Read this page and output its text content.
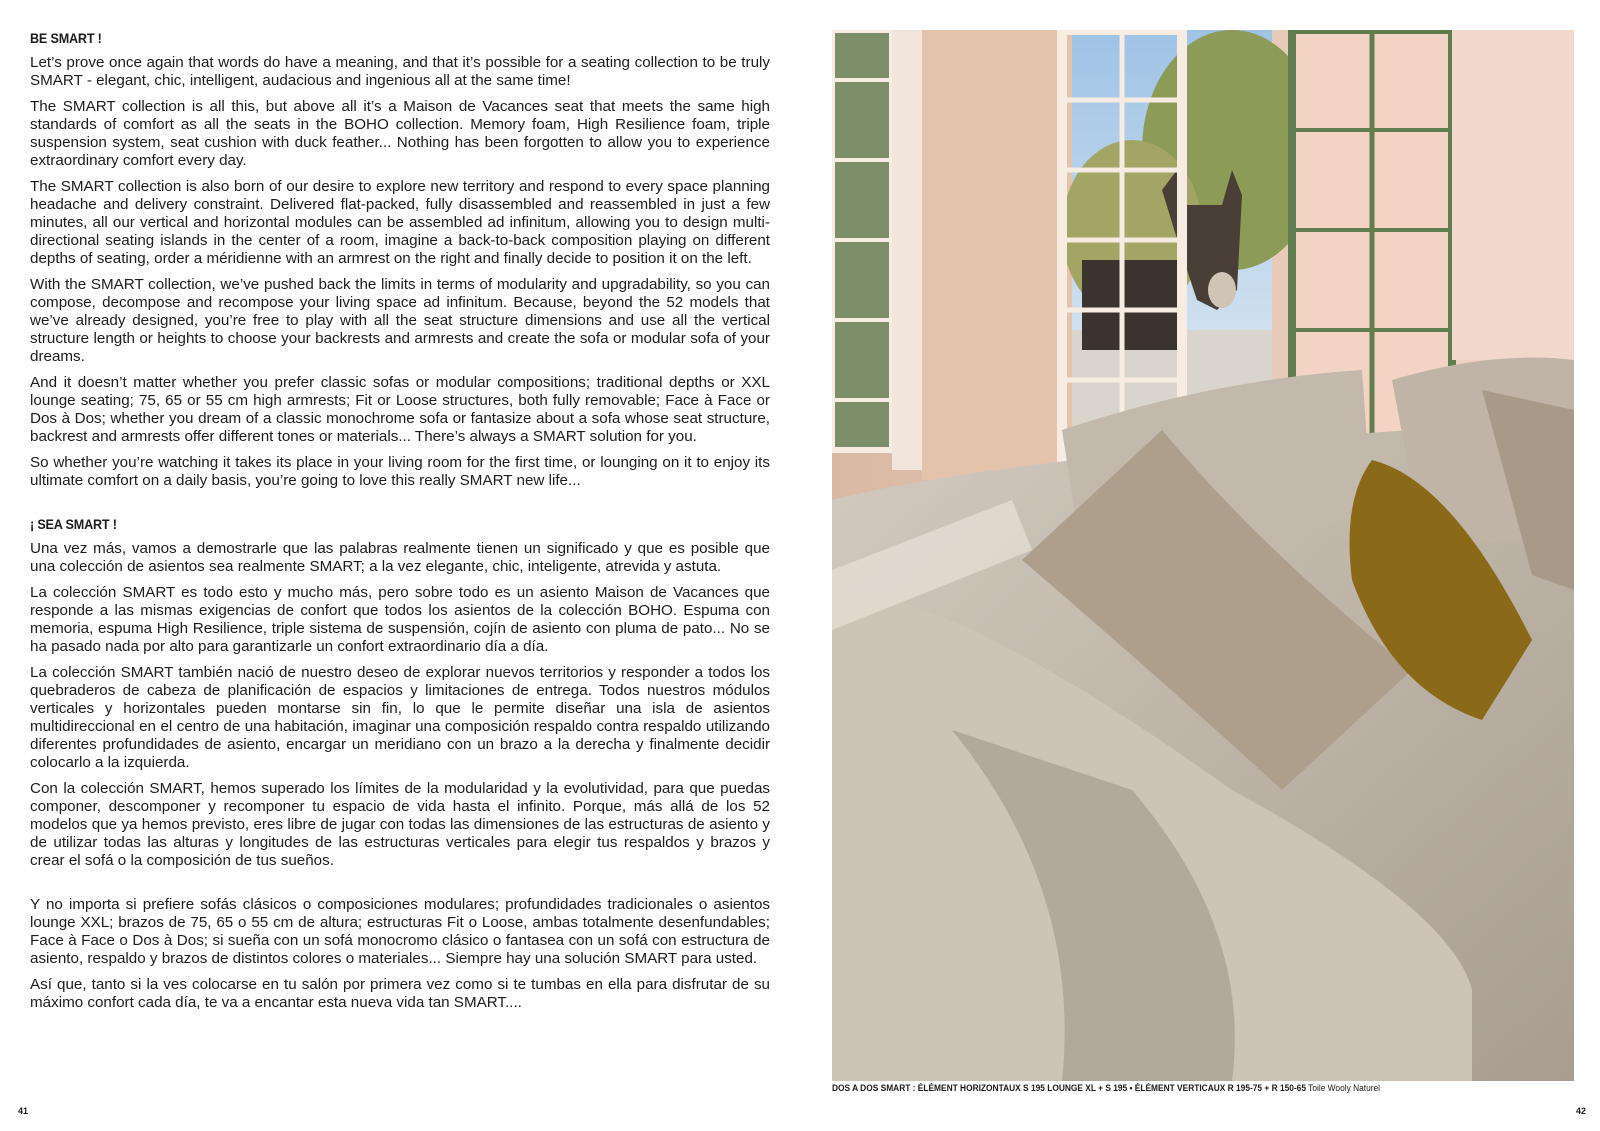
BE SMART !

Let’s prove once again that words do have a meaning, and that it’s possible for a seating collection to be truly SMART - elegant, chic, intelligent, audacious and ingenious all at the same time!

The SMART collection is all this, but above all it’s a Maison de Vacances seat that meets the same high standards of comfort as all the seats in the BOHO collection. Memory foam, High Resilience foam, triple suspension system, seat cushion with duck feather... Nothing has been forgotten to allow you to experience extraordinary comfort every day.

The SMART collection is also born of our desire to explore new territory and respond to every space planning headache and delivery constraint. Delivered flat-packed, fully disassembled and reassembled in just a few minutes, all our vertical and horizontal modules can be assembled ad infinitum, allowing you to design multi-directional seating islands in the center of a room, imagine a back-to-back composition playing on different depths of seating, order a méridienne with an armrest on the right and finally decide to position it on the left.

With the SMART collection, we’ve pushed back the limits in terms of modularity and upgradability, so you can compose, decompose and recompose your living space ad infinitum. Because, beyond the 52 models that we’ve already designed, you’re free to play with all the seat structure dimensions and use all the vertical structure length or heights to choose your backrests and armrests and create the sofa or modular sofa of your dreams.

And it doesn’t matter whether you prefer classic sofas or modular compositions; traditional depths or XXL lounge seating; 75, 65 or 55 cm high armrests; Fit or Loose structures, both fully removable; Face à Face or Dos à Dos; whether you dream of a classic monochrome sofa or fantasize about a sofa whose seat structure, backrest and armrests offer different tones or materials... There’s always a SMART solution for you.

So whether you’re watching it takes its place in your living room for the first time, or lounging on it to enjoy its ultimate comfort on a daily basis, you’re going to love this really SMART new life...

¡ SEA SMART !

Una vez más, vamos a demostrarle que las palabras realmente tienen un significado y que es posible que una colección de asientos sea realmente SMART; a la vez elegante, chic, inteligente, atrevida y astuta.

La colección SMART es todo esto y mucho más, pero sobre todo es un asiento Maison de Vacances que responde a las mismas exigencias de confort que todos los asientos de la colección BOHO. Espuma con memoria, espuma High Resilience, triple sistema de suspensión, cojín de asiento con pluma de pato... No se ha pasado nada por alto para garantizarle un confort extraordinario día a día.

La colección SMART también nació de nuestro deseo de explorar nuevos territorios y responder a todos los quebraderos de cabeza de planificación de espacios y limitaciones de entrega. Todos nuestros módulos verticales y horizontales pueden montarse sin fin, lo que le permite diseñar una isla de asientos multidireccional en el centro de una habitación, imaginar una composición respaldo contra respaldo utilizando diferentes profundidades de asiento, encargar un meridiano con un brazo a la derecha y finalmente decidir colocarlo a la izquierda.

Con la colección SMART, hemos superado los límites de la modularidad y la evolutividad, para que puedas componer, descomponer y recomponer tu espacio de vida hasta el infinito. Porque, más allá de los 52 modelos que ya hemos previsto, eres libre de jugar con todas las dimensiones de las estructuras de asiento y de utilizar todas las alturas y longitudes de las estructuras verticales para elegir tus respaldos y brazos y crear el sofá o la composición de tus sueños.

Y no importa si prefiere sofás clásicos o composiciones modulares; profundidades tradicionales o asientos lounge XXL; brazos de 75, 65 o 55 cm de altura; estructuras Fit o Loose, ambas totalmente desenfundables; Face à Face o Dos à Dos; si sueña con un sofá monocromo clásico o fantasea con un sofá con estructura de asiento, respaldo y brazos de distintos colores o materiales... Siempre hay una solución SMART para usted.

Así que, tanto si la ves colocarse en tu salón por primera vez como si te tumbas en ella para disfrutar de su máximo confort cada día, te va a encantar esta nueva vida tan SMART....

41	42
DOS A DOS SMART : ÉLÉMENT HORIZONTAUX S 195 LOUNGE XL + S 195 • ÉLÉMENT VERTICAUX R 195-75 + R 150-65 Toile Wooly Naturel
